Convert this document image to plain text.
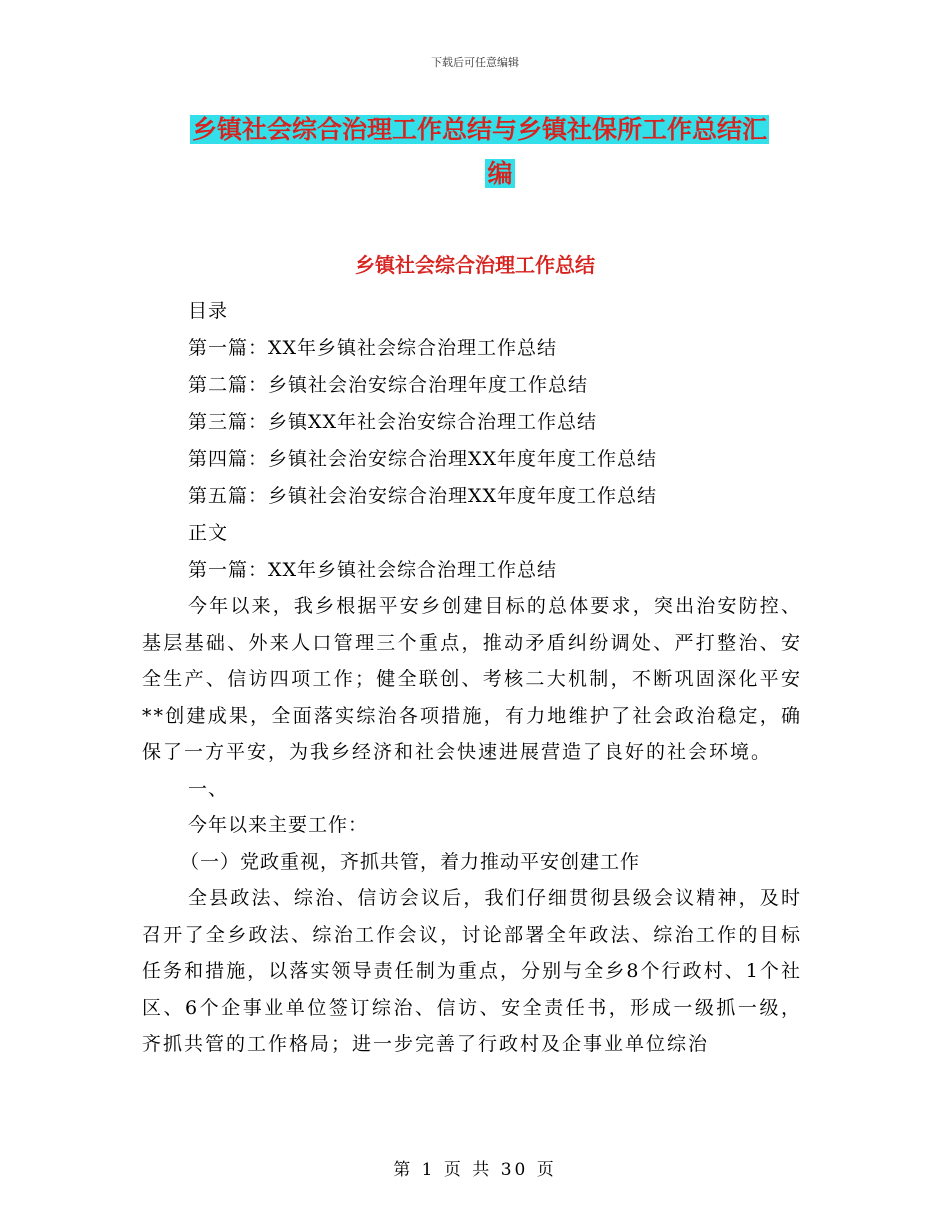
下载后可任意编辑
乡镇社会综合治理工作总结与乡镇社保所工作总结汇
编
乡镇社会综合治理工作总结
目录
第一篇：XX年乡镇社会综合治理工作总结
第二篇：乡镇社会治安综合治理年度工作总结
第三篇：乡镇XX年社会治安综合治理工作总结
第四篇：乡镇社会治安综合治理XX年度年度工作总结
第五篇：乡镇社会治安综合治理XX年度年度工作总结
正文
第一篇：XX年乡镇社会综合治理工作总结

今年以来，我乡根据平安乡创建目标的总体要求，突出治安防控、基层基础、外来人口管理三个重点，推动矛盾纠纷调处、严打整治、安全生产、信访四项工作；健全联创、考核二大机制，不断巩固深化平安**创建成果，全面落实综治各项措施，有力地维护了社会政治稳定，确保了一方平安，为我乡经济和社会快速进展营造了良好的社会环境。

一、

今年以来主要工作：

（一）党政重视，齐抓共管，着力推动平安创建工作

全县政法、综治、信访会议后，我们仔细贯彻县级会议精神，及时召开了全乡政法、综治工作会议，讨论部署全年政法、综治工作的目标任务和措施，以落实领导责任制为重点，分别与全乡8个行政村、1个社区、6个企事业单位签订综治、信访、安全责任书，形成一级抓一级，齐抓共管的工作格局；进一步完善了行政村及企事业单位综治

第 1 页 共 30 页
